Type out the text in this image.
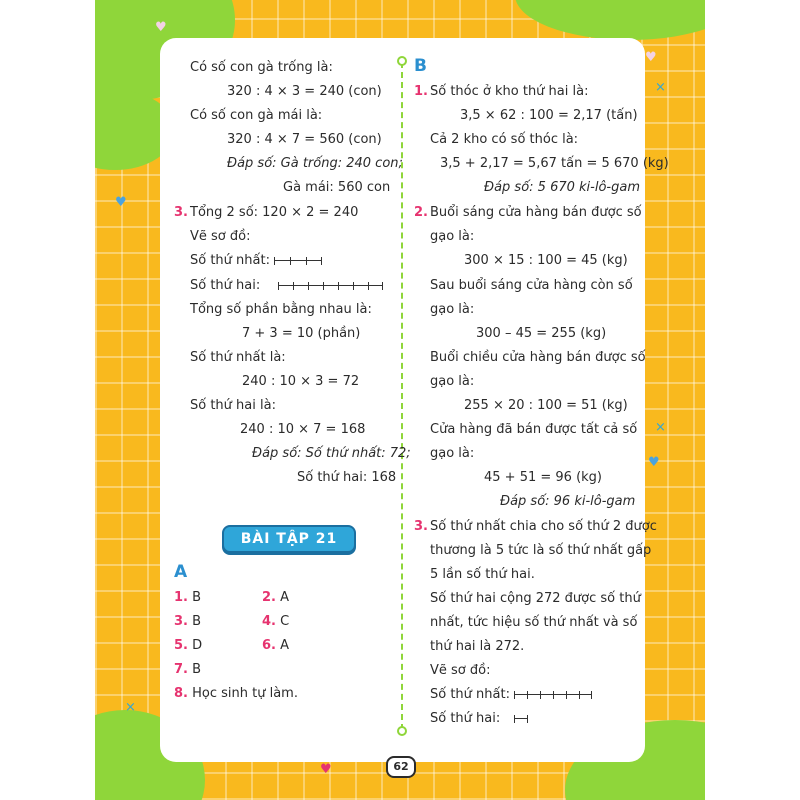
♥
♥
♥
♥
♥
×
×
×
Có số con gà trống là:
320 : 4 × 3 = 240 (con)
Có số con gà mái là:
320 : 4 × 7 = 560 (con)
Đáp số: Gà trống: 240 con;
Gà mái: 560 con
3. Tổng 2 số: 120 × 2 = 240
Vẽ sơ đồ:
Số thứ nhất:
Số thứ hai:
Tổng số phần bằng nhau là:
7 + 3 = 10 (phần)
Số thứ nhất là:
240 : 10 × 3 = 72
Số thứ hai là:
240 : 10 × 7 = 168
Đáp số: Số thứ nhất: 72;
Số thứ hai: 168
BÀI TẬP 21
A
1. B	2. A
3. B	4. C
5. D	6. A
7. B
8. Học sinh tự làm.
B
1. Số thóc ở kho thứ hai là:
3,5 × 62 : 100 = 2,17 (tấn)
Cả 2 kho có số thóc là:
3,5 + 2,17 = 5,67 tấn = 5 670 (kg)
Đáp số: 5 670 ki-lô-gam
2. Buổi sáng cửa hàng bán được số
gạo là:
300 × 15 : 100 = 45 (kg)
Sau buổi sáng cửa hàng còn số
gạo là:
300 – 45 = 255 (kg)
Buổi chiều cửa hàng bán được số
gạo là:
255 × 20 : 100 = 51 (kg)
Cửa hàng đã bán được tất cả số
gạo là:
45 + 51 = 96 (kg)
Đáp số: 96 ki-lô-gam
3. Số thứ nhất chia cho số thứ 2 được
thương là 5 tức là số thứ nhất gấp
5 lần số thứ hai.
Số thứ hai cộng 272 được số thứ
nhất, tức hiệu số thứ nhất và số
thứ hai là 272.
Vẽ sơ đồ:
Số thứ nhất:
Số thứ hai:
62
